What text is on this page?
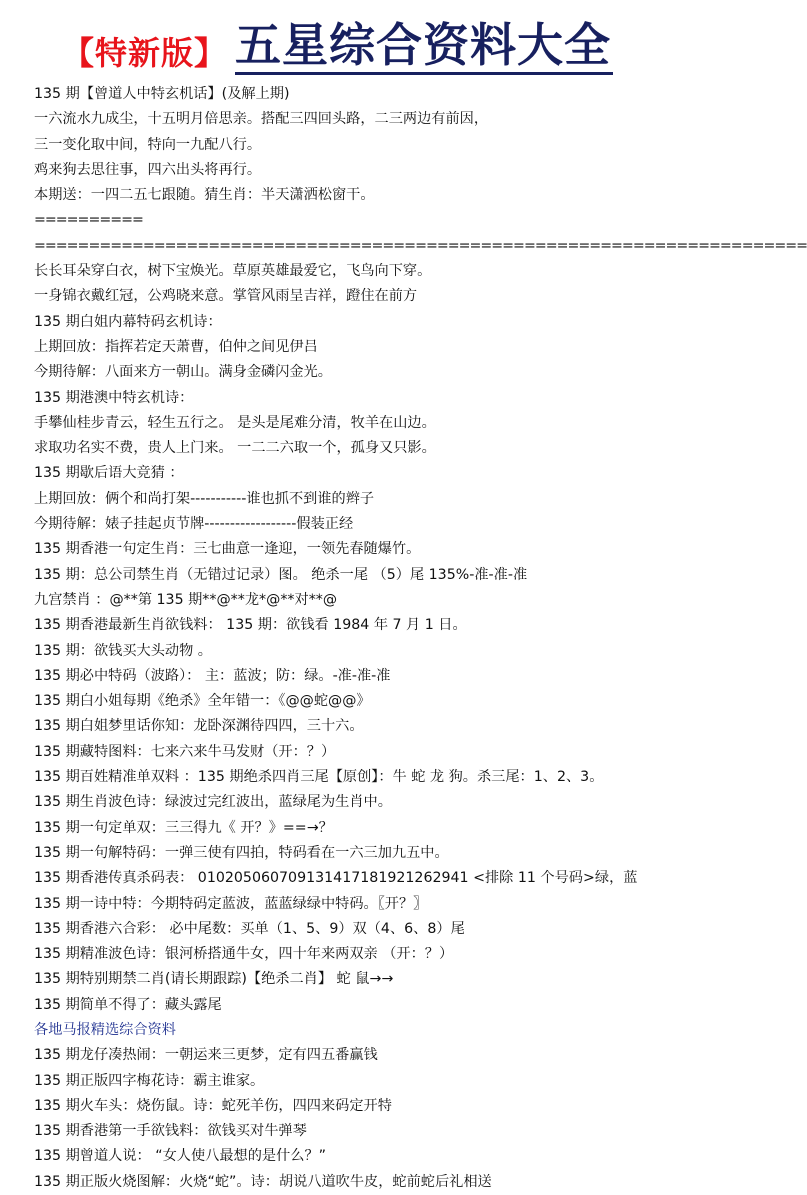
【特新版】 五星综合资料大全
135 期【曾道人中特玄机话】(及解上期)
一六流水九成尘，十五明月倍思亲。搭配三四回头路，二三两边有前因，
三一变化取中间，特向一九配八行。
鸡来狗去思往事，四六出头将再行。
本期送：一四二五七跟随。猜生肖：半天潇洒松窗干。
==========
=======================================================================
长长耳朵穿白衣，树下宝焕光。草原英雄最爱它，飞鸟向下穿。
一身锦衣戴红冠，公鸡晓来意。掌管风雨呈吉祥，蹬住在前方
135 期白姐内幕特码玄机诗：
上期回放：指挥若定天萧曹，伯仲之间见伊吕
今期待解：八面来方一朝山。满身金磷闪金光。
135 期港澳中特玄机诗：
手攀仙桂步青云，轻生五行之。 是头是尾难分清，牧羊在山边。
求取功名实不费，贵人上门来。 一二二六取一个，孤身又只影。
135 期歇后语大竞猜 ：
上期回放：俩个和尚打架-----------谁也抓不到谁的辫子
今期待解：婊子挂起贞节牌------------------假装正经
135 期香港一句定生肖：三七曲意一逢迎，一领先春随爆竹。
135 期：总公司禁生肖（无错过记录）图。 绝杀一尾 （5）尾 135%-准-准-准
九宫禁肖 ：@**第 135 期**@**龙*@**对**@
135 期香港最新生肖欲钱料： 135 期：欲钱看 1984 年 7 月 1 日。
135 期：欲钱买大头动物 。
135 期必中特码（波路）： 主：蓝波；防：绿。-准-准-准
135 期白小姐每期《绝杀》全年错一：《@@蛇@@》
135 期白姐梦里话你知：龙卧深渊待四四，三十六。
135 期藏特图料：七来六来牛马发财（开：？）
135 期百姓精准单双料 ：135 期绝杀四肖三尾【原创】：牛 蛇 龙 狗。杀三尾：1、2、3。
135 期生肖波色诗：绿波过完红波出，蓝绿尾为生肖中。
135 期一句定单双：三三得九《 开？》==→？
135 期一句解特码：一弹三使有四拍，特码看在一六三加九五中。
135 期香港传真杀码表： 010205060709131417181921262941 <排除 11 个号码>绿，蓝
135 期一诗中特：今期特码定蓝波，蓝蓝绿绿中特码。〖开？〗
135 期香港六合彩： 必中尾数：买单（1、5、9）双（4、6、8）尾
135 期精准波色诗：银河桥搭通牛女，四十年来两双亲 （开：？）
135 期特别期禁二肖(请长期跟踪)【绝杀二肖】 蛇 鼠→→
135 期简单不得了：藏头露尾
各地马报精选综合资料
135 期龙仔凑热闹：一朝运来三更梦，定有四五番赢钱
135 期正版四字梅花诗：霸主谁家。
135 期火车头：烧伤鼠。诗：蛇死羊伤，四四来码定开特
135 期香港第一手欲钱料：欲钱买对牛弹琴
135 期曾道人说： “女人使八最想的是什么？”
135 期正版火烧图解：火烧“蛇”。诗：胡说八道吹牛皮，蛇前蛇后礼相送
